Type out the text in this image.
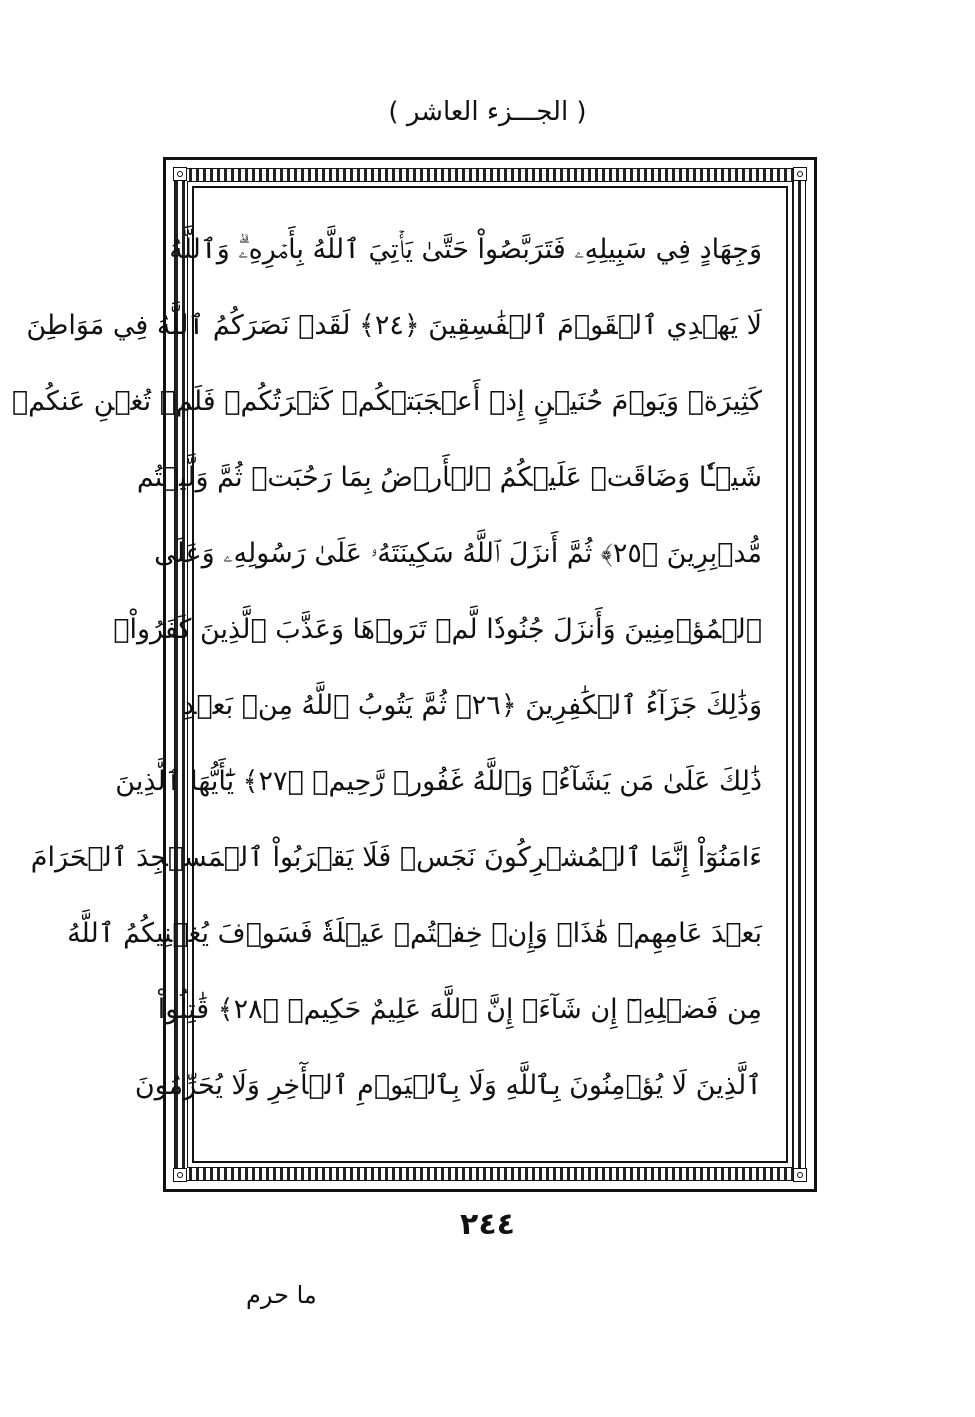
( الجـــزء العاشر )
وَجِهَادٍ فِي سَبِيلِهِۦ فَتَرَبَّصُواْ حَتَّىٰ يَأۡتِيَ ٱللَّهُ بِأَمۡرِهِۦۗ وَٱللَّهُ
لَا يَهۡدِي ٱلۡقَوۡمَ ٱلۡفَٰسِقِينَ ﴿٢٤﴾ لَقَدۡ نَصَرَكُمُ ٱللَّهُ فِي مَوَاطِنَ
كَثِيرَةٖ وَيَوۡمَ حُنَيۡنٍ إِذۡ أَعۡجَبَتۡكُمۡ كَثۡرَتُكُمۡ فَلَمۡ تُغۡنِ عَنكُمۡ
شَيۡـٔٗا وَضَاقَتۡ عَلَيۡكُمُ ٱلۡأَرۡضُ بِمَا رَحُبَتۡ ثُمَّ وَلَّيۡتُم
مُّدۡبِرِينَ ﴿٢٥﴾ ثُمَّ أَنزَلَ ٱللَّهُ سَكِينَتَهُۥ عَلَىٰ رَسُولِهِۦ وَعَلَى
ٱلۡمُؤۡمِنِينَ وَأَنزَلَ جُنُودٗا لَّمۡ تَرَوۡهَا وَعَذَّبَ ٱلَّذِينَ كَفَرُواْۚ
وَذَٰلِكَ جَزَآءُ ٱلۡكَٰفِرِينَ ﴿٢٦﴾ ثُمَّ يَتُوبُ ٱللَّهُ مِنۢ بَعۡدِ
ذَٰلِكَ عَلَىٰ مَن يَشَآءُۗ وَٱللَّهُ غَفُورٞ رَّحِيمٞ ﴿٢٧﴾ يَٰٓأَيُّهَا ٱلَّذِينَ
ءَامَنُوٓاْ إِنَّمَا ٱلۡمُشۡرِكُونَ نَجَسٞ فَلَا يَقۡرَبُواْ ٱلۡمَسۡجِدَ ٱلۡحَرَامَ
بَعۡدَ عَامِهِمۡ هَٰذَاۚ وَإِنۡ خِفۡتُمۡ عَيۡلَةٗ فَسَوۡفَ يُغۡنِيكُمُ ٱللَّهُ
مِن فَضۡلِهِۦٓ إِن شَآءَۚ إِنَّ ٱللَّهَ عَلِيمٌ حَكِيمٞ ﴿٢٨﴾ قَٰتِلُواْ
ٱلَّذِينَ لَا يُؤۡمِنُونَ بِٱللَّهِ وَلَا بِٱلۡيَوۡمِ ٱلۡأٓخِرِ وَلَا يُحَرِّمُونَ
٢٤٤
ما حرم
